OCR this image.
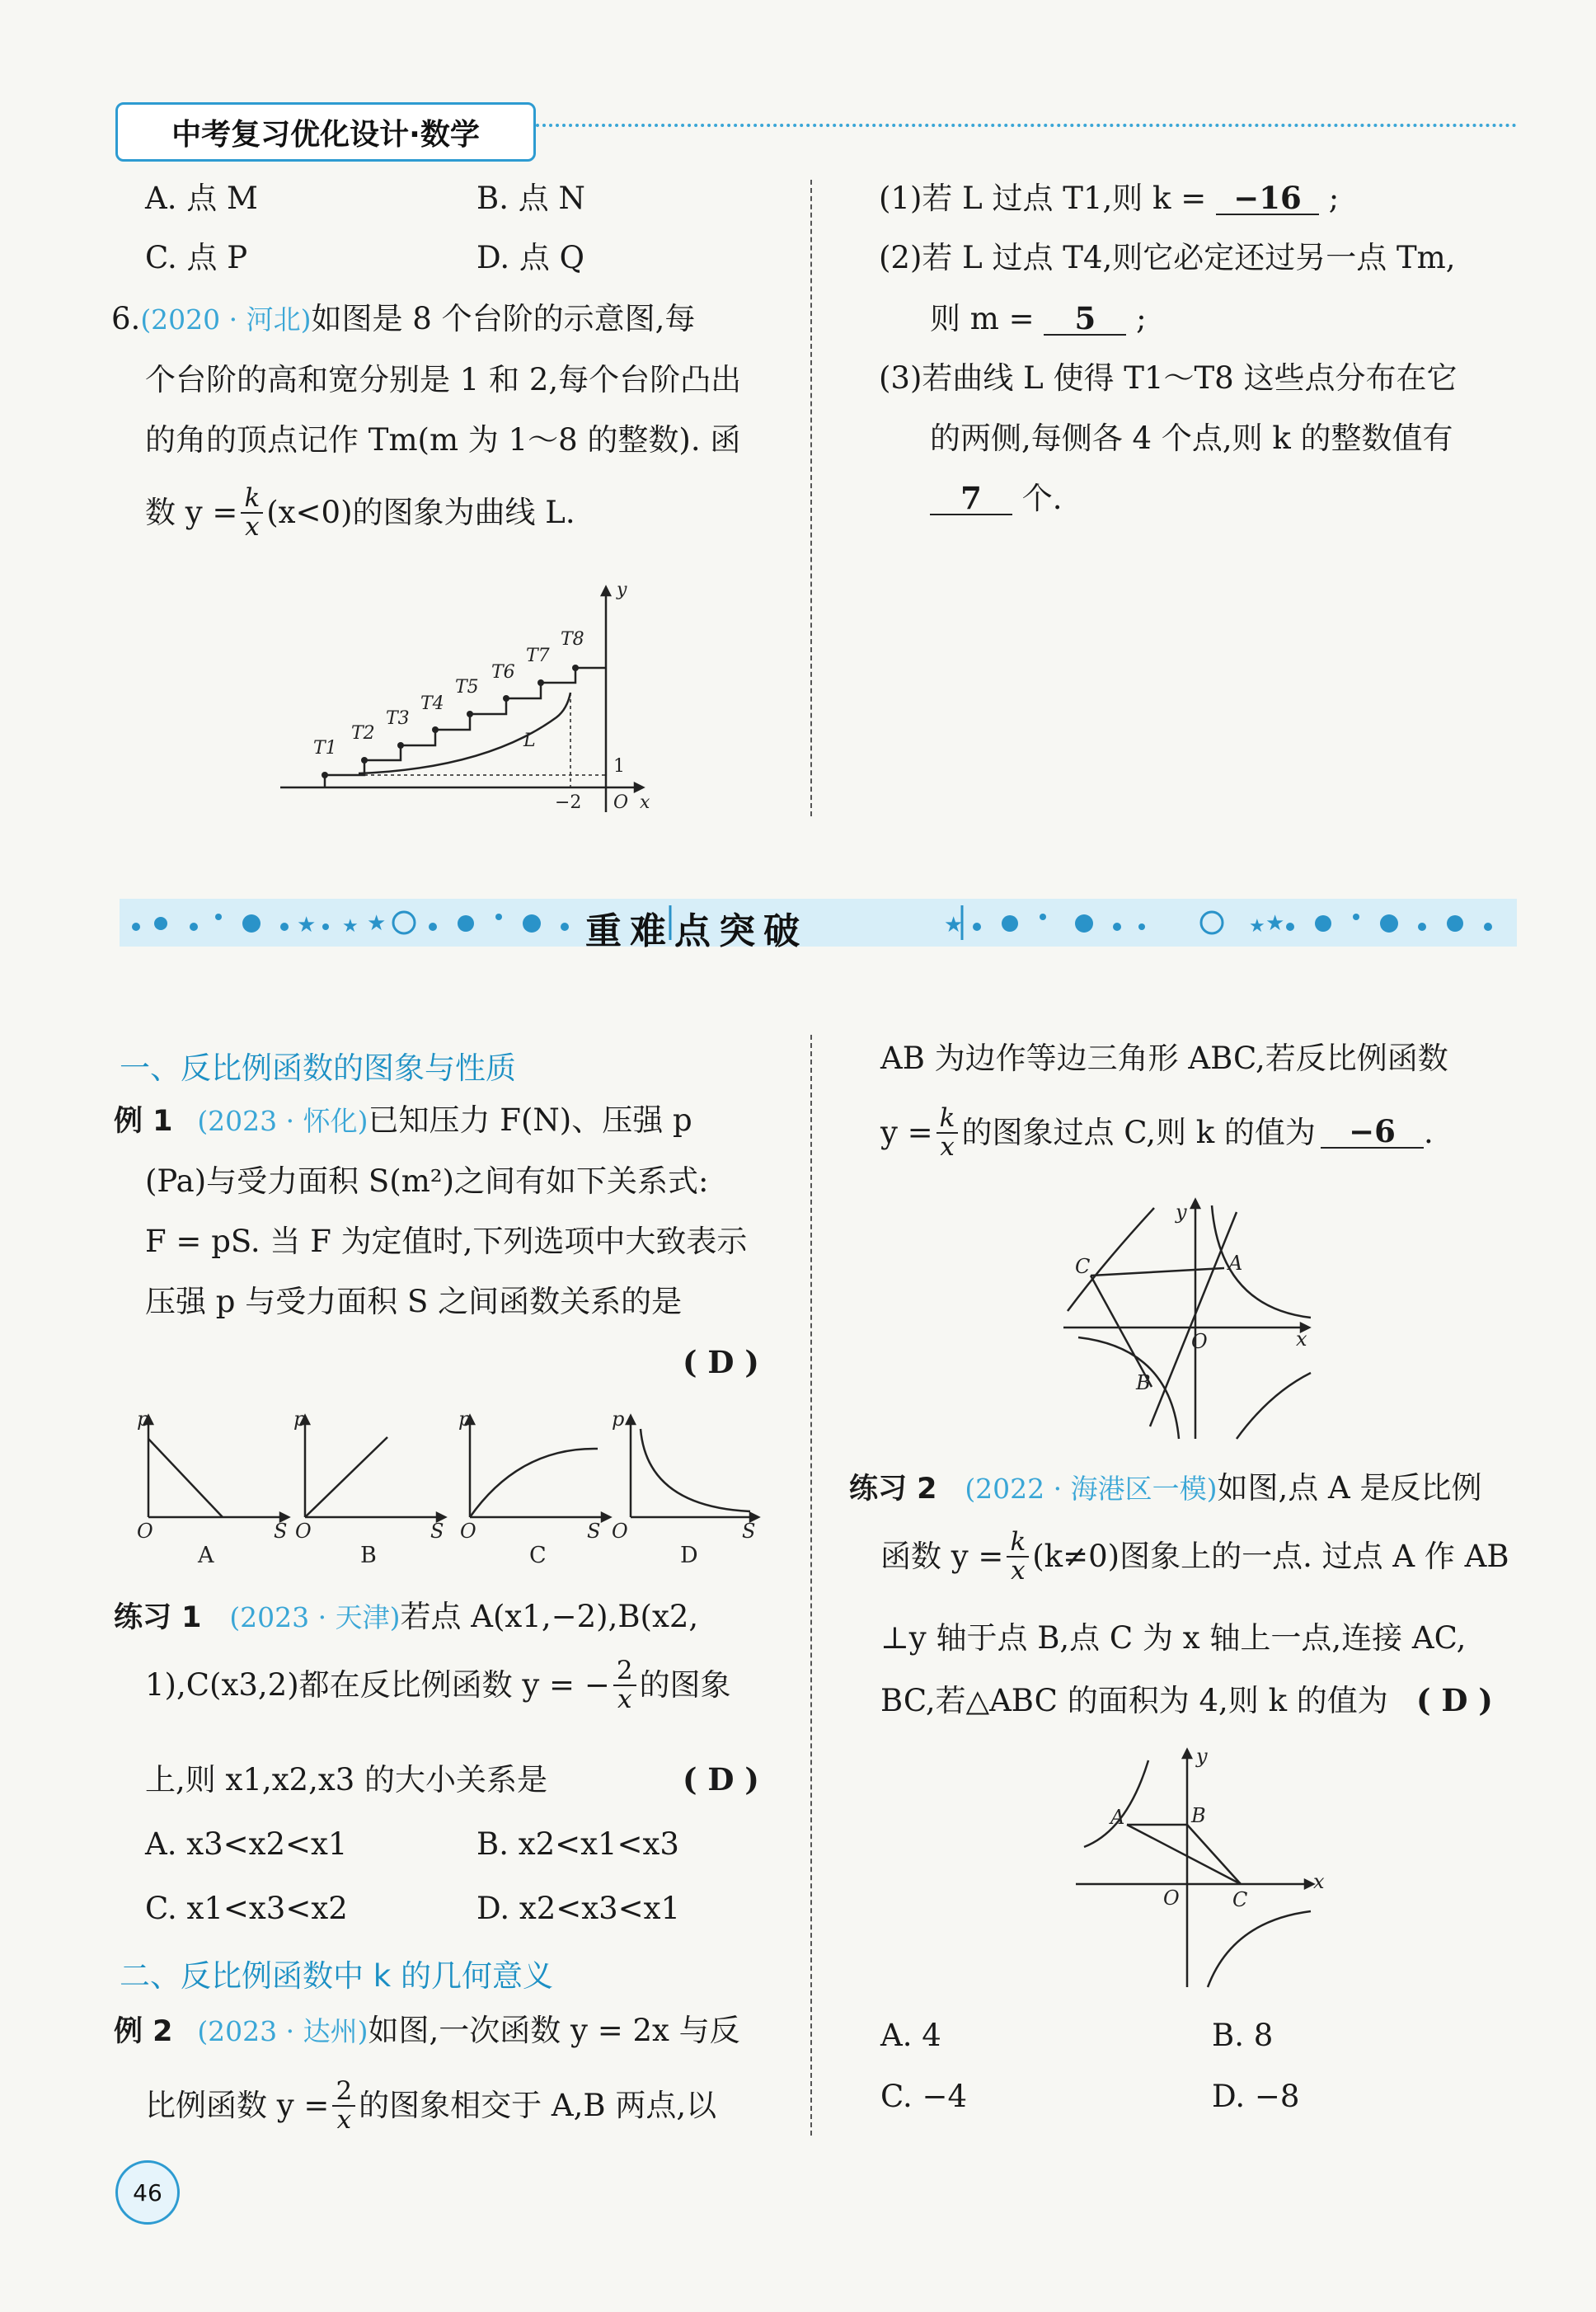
中考复习优化设计·数学
A. 点 M	B. 点 N
C. 点 P	D. 点 Q
6.(2020 · 河北)如图是 8 个台阶的示意图,每
个台阶的高和宽分别是 1 和 2,每个台阶凸出
的角的顶点记作 Tm(m 为 1～8 的整数). 函
数 $y = \frac{k}{x} (x<0)$的图象为曲线 L.
T1
T2
T3
T4
T5
T6
T7
T8
L
y
x
O
1
−2
(1)若 L 过点 T1,则 k = −16 ;
(2)若 L 过点 T4,则它必定还过另一点 Tm,
则 m = 5 ;
(3)若曲线 L 使得 T1～T8 这些点分布在它
的两侧,每侧各 4 个点,则 k 的整数值有
7 个.
★ ★ ★	★	★ ★
重难点突破
一、反比例函数的图象与性质
例 1 (2023 · 怀化)已知压力 F(N)、压强 p
(Pa)与受力面积 S(m²)之间有如下关系式:
F = pS. 当 F 为定值时,下列选项中大致表示
压强 p 与受力面积 S 之间函数关系的是
( D )
p
O	S
p
O	S
p
O	S
p
O	S
A	B	C	D
练习 1 (2023 · 天津)若点 A(x1,−2),B(x2,
1),C(x3,2)都在反比例函数 y = − $\frac{2}{x}$ 的图象
上,则 x1,x2,x3 的大小关系是	( D )
A. x3<x2<x1	B. x2<x1<x3
C. x1<x3<x2	D. x2<x3<x1
二、反比例函数中 k 的几何意义
例 2 (2023 · 达州)如图,一次函数 y = 2x 与反
比例函数 $y = \frac{2}{x}$ 的图象相交于 A,B 两点,以
AB 为边作等边三角形 ABC,若反比例函数
$y = \frac{k}{x}$ 的图象过点 C,则 k 的值为	−6 .
C	A
B
O	x
y
练习 2 (2022 · 海港区一模)如图,点 A 是反比例
函数 $y = \frac{k}{x} (k\ne 0)$图象上的一点. 过点 A 作 AB
⊥y 轴于点 B,点 C 为 x 轴上一点,连接 AC,
BC,若△ABC 的面积为 4,则 k 的值为 ( D )
A	B
C
O
x
y
A. 4	B. 8
C. −4	D. −8
46
